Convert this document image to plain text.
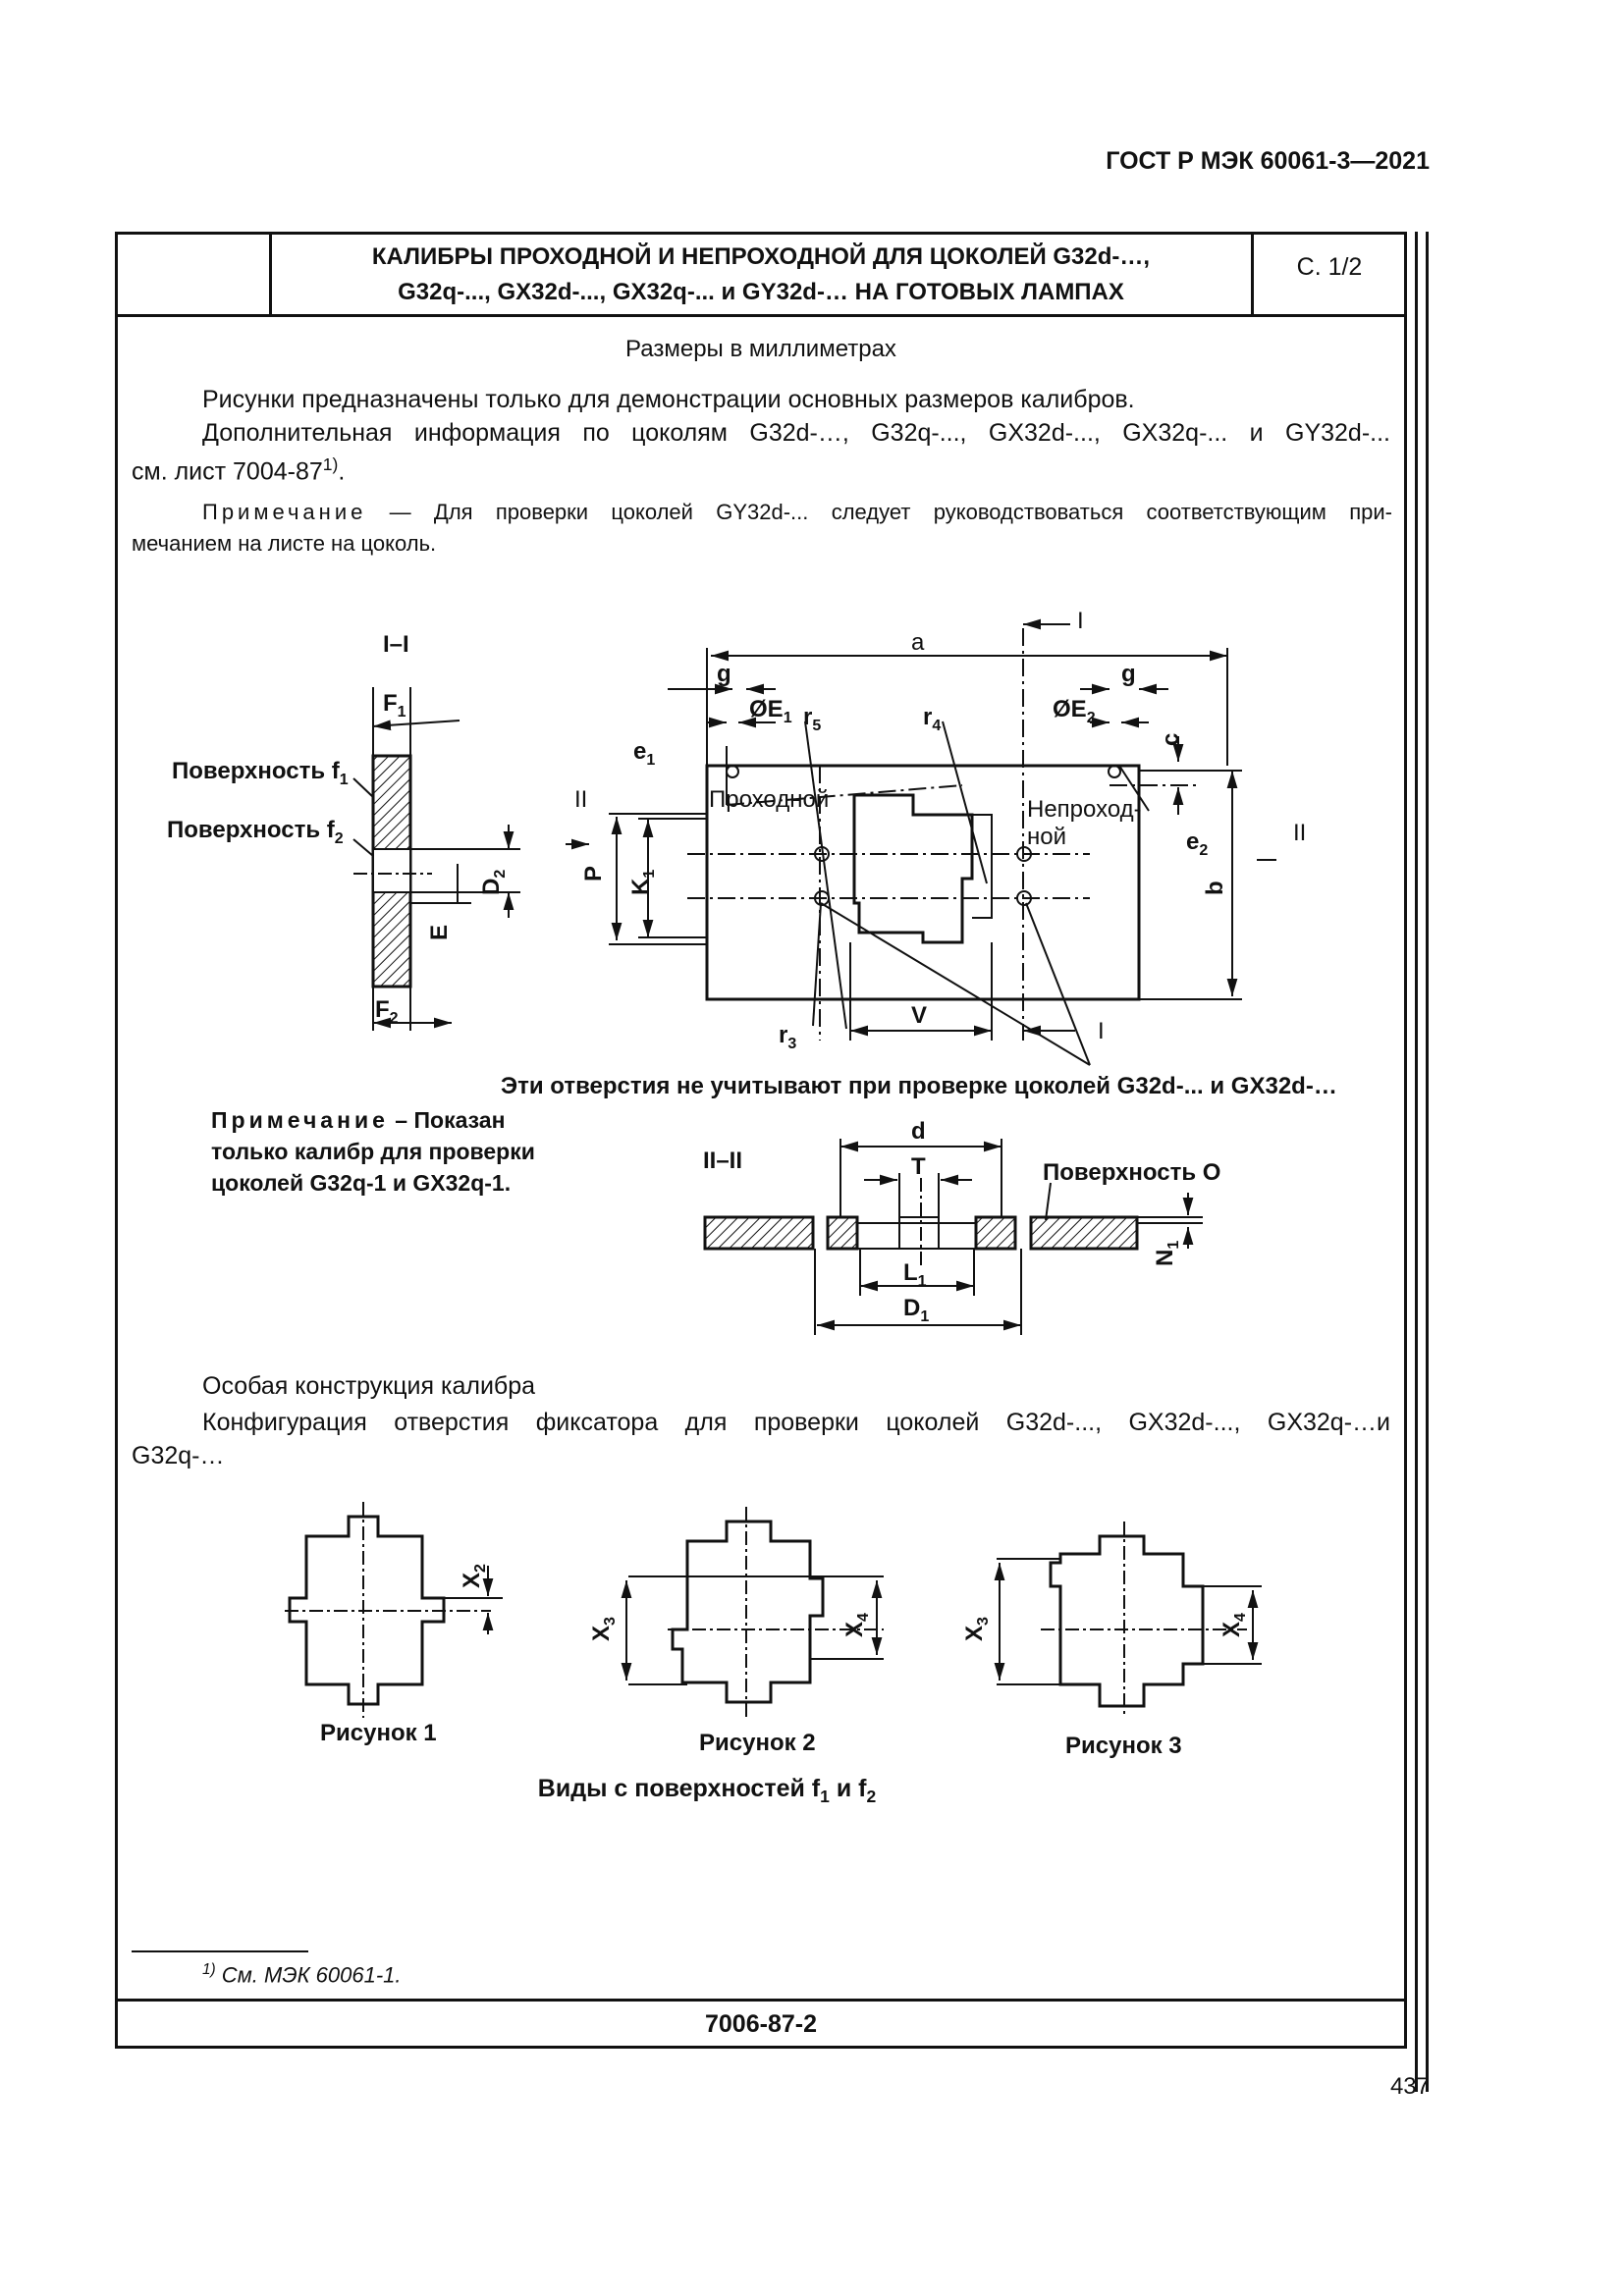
ГОСТ Р МЭК 60061-3—2021
КАЛИБРЫ ПРОХОДНОЙ И НЕПРОХОДНОЙ ДЛЯ ЦОКОЛЕЙ G32d-…,
G32q-..., GX32d-..., GX32q-... и GY32d-… НА ГОТОВЫХ ЛАМПАХ
С. 1/2
Размеры в миллиметрах
Рисунки предназначены только для демонстрации основных размеров калибров.
Дополнительная информация по цоколям G32d-…, G32q-..., GX32d-..., GX32q-... и GY32d-...
см. лист 7004-87$^{1)}$.
Примечание — Для проверки цоколей GY32d-... следует руководствоваться соответствующим при-
мечанием на листе на цоколь.
I–I
$F_1$
$F_2$
Поверхность $f_1$
Поверхность $f_2$
$D_2$
E
a
I
I
II
II
g	g
$ØE_1$	$ØE_2$
$r_5$	$r_4$
$r_3$
$e_1$
$e_2$
c
Проходной	Непроход-
ной
P
$K_1$
b
V
Эти отверстия не учитывают при проверке цоколей G32d-... и GX32d-…
II–II
d
T	Поверхность O
$L_1$
$D_1$
$N_1$
$X_2$
Рисунок 1
$X_3$
$X_4$
Рисунок 2
$X_3$
$X_4$
Рисунок 3
Примечание – Показан
только калибр для проверки
цоколей G32q-1 и GX32q-1.
Особая конструкция калибра
Конфигурация отверстия фиксатора для проверки цоколей G32d-..., GX32d-..., GX32q-…и
G32q-…
Виды с поверхностей $f_1$ и $f_2$
$^{1)}$ См. МЭК 60061-1.
7006-87-2
437
